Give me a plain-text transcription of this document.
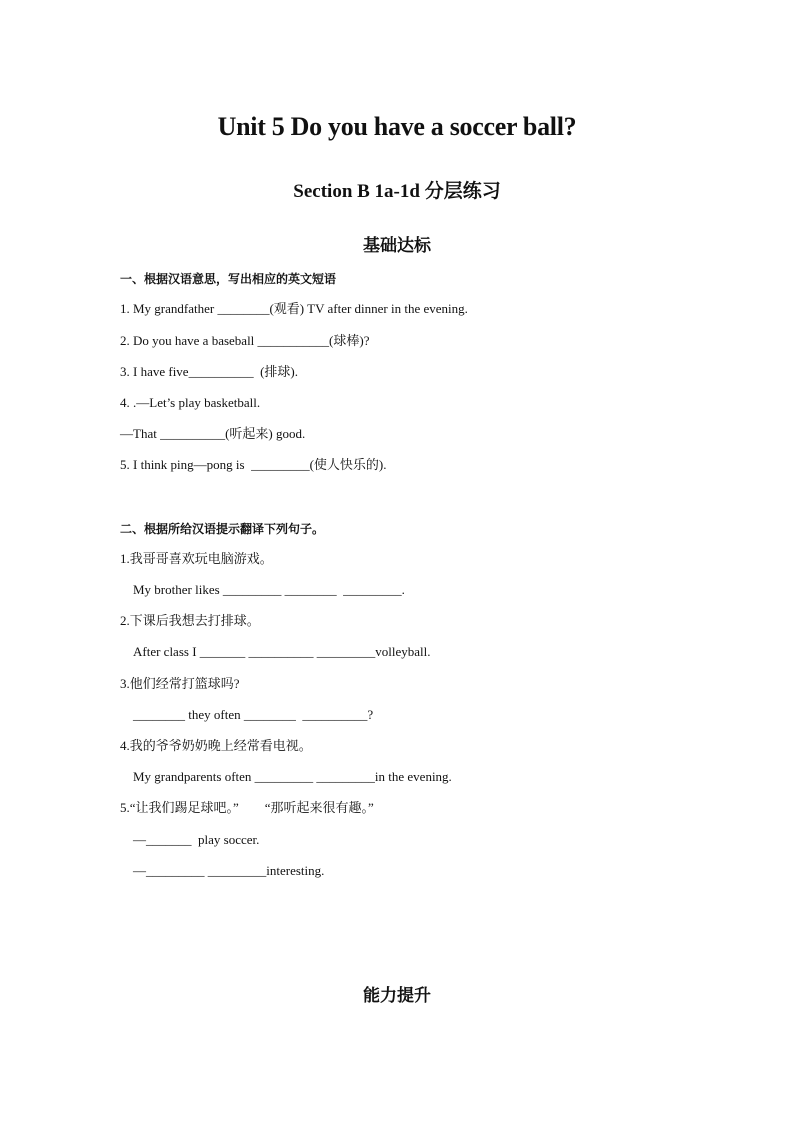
Unit 5 Do you have a soccer ball?
Section B 1a-1d 分层练习
基础达标
一、根据汉语意思，写出相应的英文短语
1. My grandfather ________(观看) TV after dinner in the evening.
2. Do you have a baseball ___________(球棒)?
3. I have five__________  (排球).
4. .—Let’s play basketball.
—That __________(听起来) good.
5. I think ping—pong is  _________(使人快乐的).
二、根据所给汉语提示翻译下列句子。
1.我哥哥喜欢玩电脑游戏。
My brother likes _________ ________  _________.
2.下课后我想去打排球。
After class I _______ __________ _________volleyball.
3.他们经常打篮球吗?
________ they often ________  __________?
4.我的爷爷奶奶晚上经常看电视。
My grandparents often _________ _________in the evening.
5.“让我们踢足球吧。”        “那听起来很有趣。”
—_______  play soccer.
—_________ _________interesting.
能力提升
